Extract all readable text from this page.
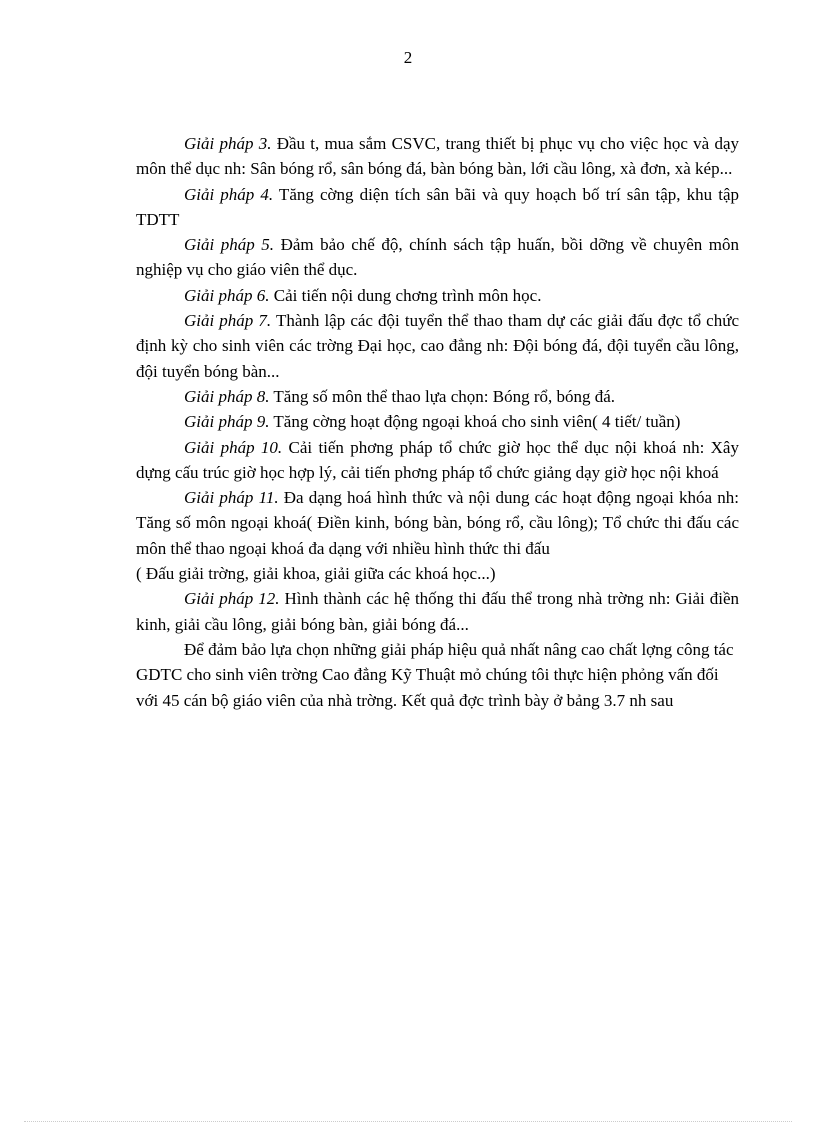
2

Giải pháp 3. Đầu t, mua sắm CSVC, trang thiết bị phục vụ cho việc học và dạy môn thể dục nh: Sân bóng rổ, sân bóng đá, bàn bóng bàn, lới cầu lông, xà đơn, xà kép...

Giải pháp 4. Tăng cờng diện tích sân bãi và quy hoạch bố trí sân tập, khu tập TDTT

Giải pháp 5. Đảm bảo chế độ, chính sách tập huấn, bồi dỡng về chuyên môn nghiệp vụ cho giáo viên thể dục.

Giải pháp 6. Cải tiến nội dung chơng trình môn học.

Giải pháp 7. Thành lập các đội tuyển thể thao tham dự các giải đấu đợc tổ chức định kỳ cho sinh viên các trờng Đại học, cao đẳng nh: Đội bóng đá, đội tuyển cầu lông, đội tuyển bóng bàn...

Giải pháp 8. Tăng số môn thể thao lựa chọn: Bóng rổ, bóng đá.

Giải pháp 9. Tăng cờng hoạt động ngoại khoá cho sinh viên( 4 tiết/ tuần)

Giải pháp 10. Cải tiến phơng pháp tổ chức giờ học thể dục nội khoá nh: Xây dựng cấu trúc giờ học hợp lý, cải tiến phơng pháp tổ chức giảng dạy giờ học nội khoá

Giải pháp 11. Đa dạng hoá hình thức và nội dung các hoạt động ngoại khóa nh: Tăng số môn ngoại khoá( Điền kinh, bóng bàn, bóng rổ, cầu lông); Tổ chức thi đấu các môn thể thao ngoại khoá đa dạng với nhiều hình thức thi đấu

( Đấu giải trờng, giải khoa, giải giữa các khoá học...)

Giải pháp 12. Hình thành các hệ thống thi đấu thể trong nhà trờng nh: Giải điền kinh, giải cầu lông, giải bóng bàn, giải bóng đá...

Để đảm bảo lựa chọn những giải pháp hiệu quả nhất nâng cao chất lợng công tác GDTC cho sinh viên trờng Cao đẳng Kỹ Thuật mỏ chúng tôi thực hiện phỏng vấn đối với 45 cán bộ giáo viên của nhà trờng. Kết quả đợc trình bày ở bảng 3.7 nh sau
